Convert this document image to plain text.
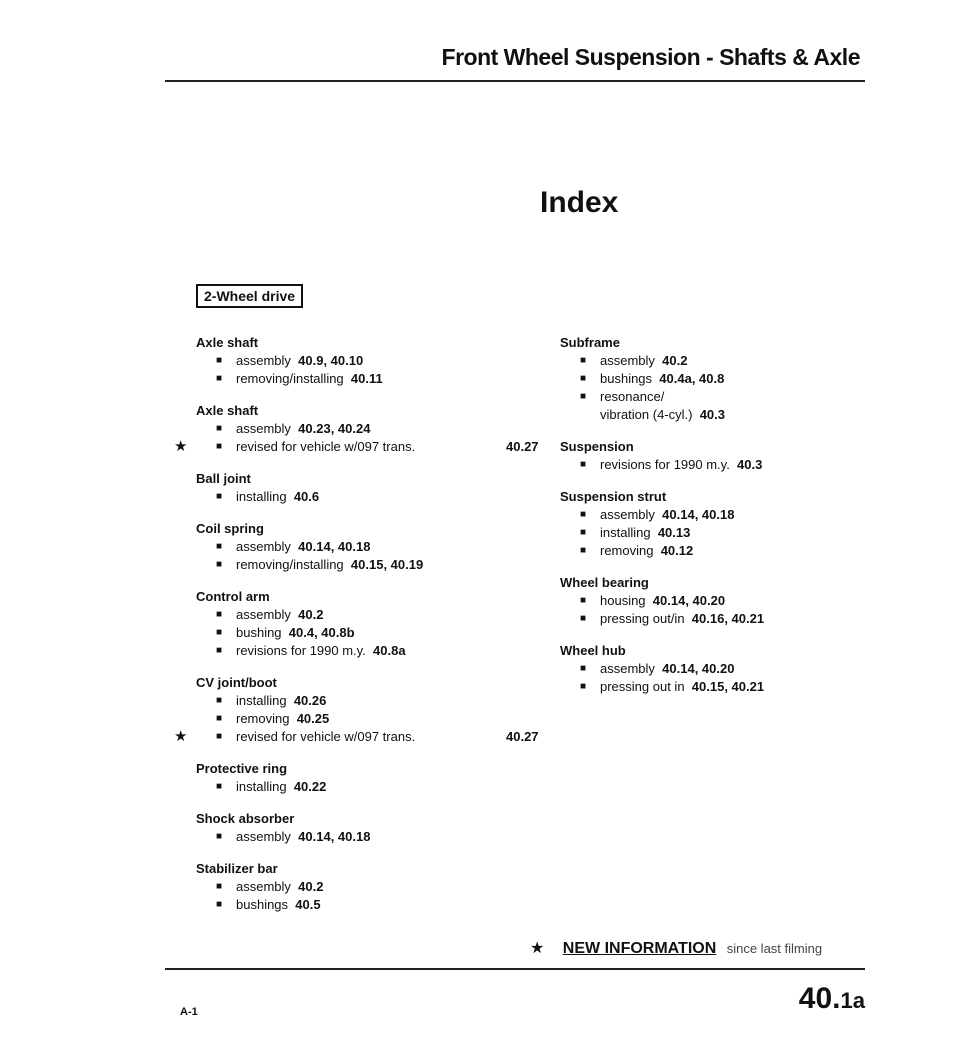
Front Wheel Suspension - Shafts & Axle
Index
2-Wheel drive
Axle shaft
■ assembly 40.9, 40.10
■ removing/installing 40.11
Axle shaft
■ assembly 40.23, 40.24
★	■ revised for vehicle w/097 trans.	40.27
Ball joint
■ installing 40.6
Coil spring
■ assembly 40.14, 40.18
■ removing/installing 40.15, 40.19
Control arm
■ assembly 40.2
■ bushing 40.4, 40.8b
■ revisions for 1990 m.y. 40.8a
CV joint/boot
■ installing 40.26
■ removing 40.25
★	■ revised for vehicle w/097 trans.	40.27
Protective ring
■ installing 40.22
Shock absorber
■ assembly 40.14, 40.18
Stabilizer bar
■ assembly 40.2
■ bushings 40.5
Subframe
■ assembly 40.2
■ bushings 40.4a, 40.8
■ resonance/
vibration (4-cyl.) 40.3
Suspension
■ revisions for 1990 m.y. 40.3
Suspension strut
■ assembly 40.14, 40.18
■ installing 40.13
■ removing 40.12
Wheel bearing
■ housing 40.14, 40.20
■ pressing out/in 40.16, 40.21
Wheel hub
■ assembly 40.14, 40.20
■ pressing out in 40.15, 40.21
★ NEW INFORMATION since last filming
A-1	40.1a
